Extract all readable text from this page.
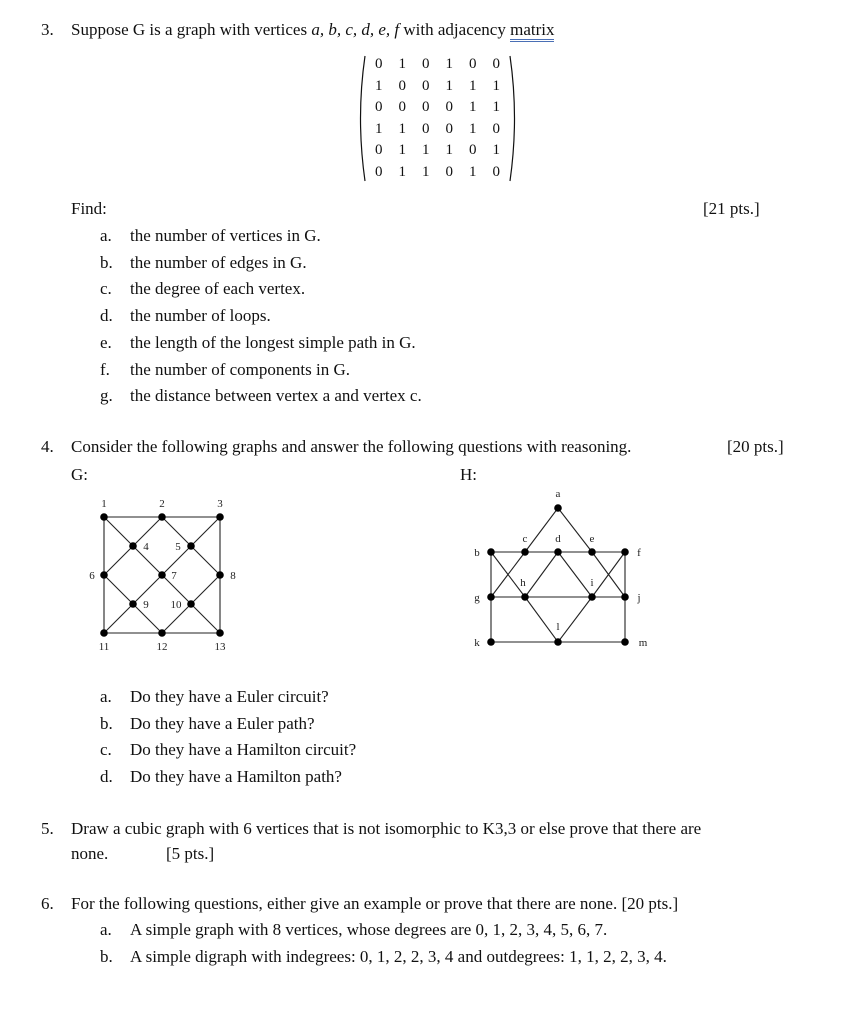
3. Suppose G is a graph with vertices a, b, c, d, e, f with adjacency matrix
0	1	0	1	0	0
1	0	0	1	1	1
0	0	0	0	1	1
1	1	0	0	1	0
0	1	1	1	0	1
0	1	1	0	1	0
Find:	[21 pts.]
a. the number of vertices in G.
b. the number of edges in G.
c. the degree of each vertex.
d. the number of loops.
e. the length of the longest simple path in G.
f. the number of components in G.
g. the distance between vertex a and vertex c.
4. Consider the following graphs and answer the following questions with reasoning.	[20 pts.]
G:	H:
1	2	3
4 5
6	7	8
9 10
11	12	13
a
b
c	d	e
f
g
h	i
j
k
l
m
a. Do they have a Euler circuit?
b. Do they have a Euler path?
c. Do they have a Hamilton circuit?
d. Do they have a Hamilton path?
5. Draw a cubic graph with 6 vertices that is not isomorphic to K3,3 or else prove that there are
none.	[5 pts.]
6. For the following questions, either give an example or prove that there are none. [20 pts.]
a. A simple graph with 8 vertices, whose degrees are 0, 1, 2, 3, 4, 5, 6, 7.
b. A simple digraph with indegrees: 0, 1, 2, 2, 3, 4 and outdegrees: 1, 1, 2, 2, 3, 4.
